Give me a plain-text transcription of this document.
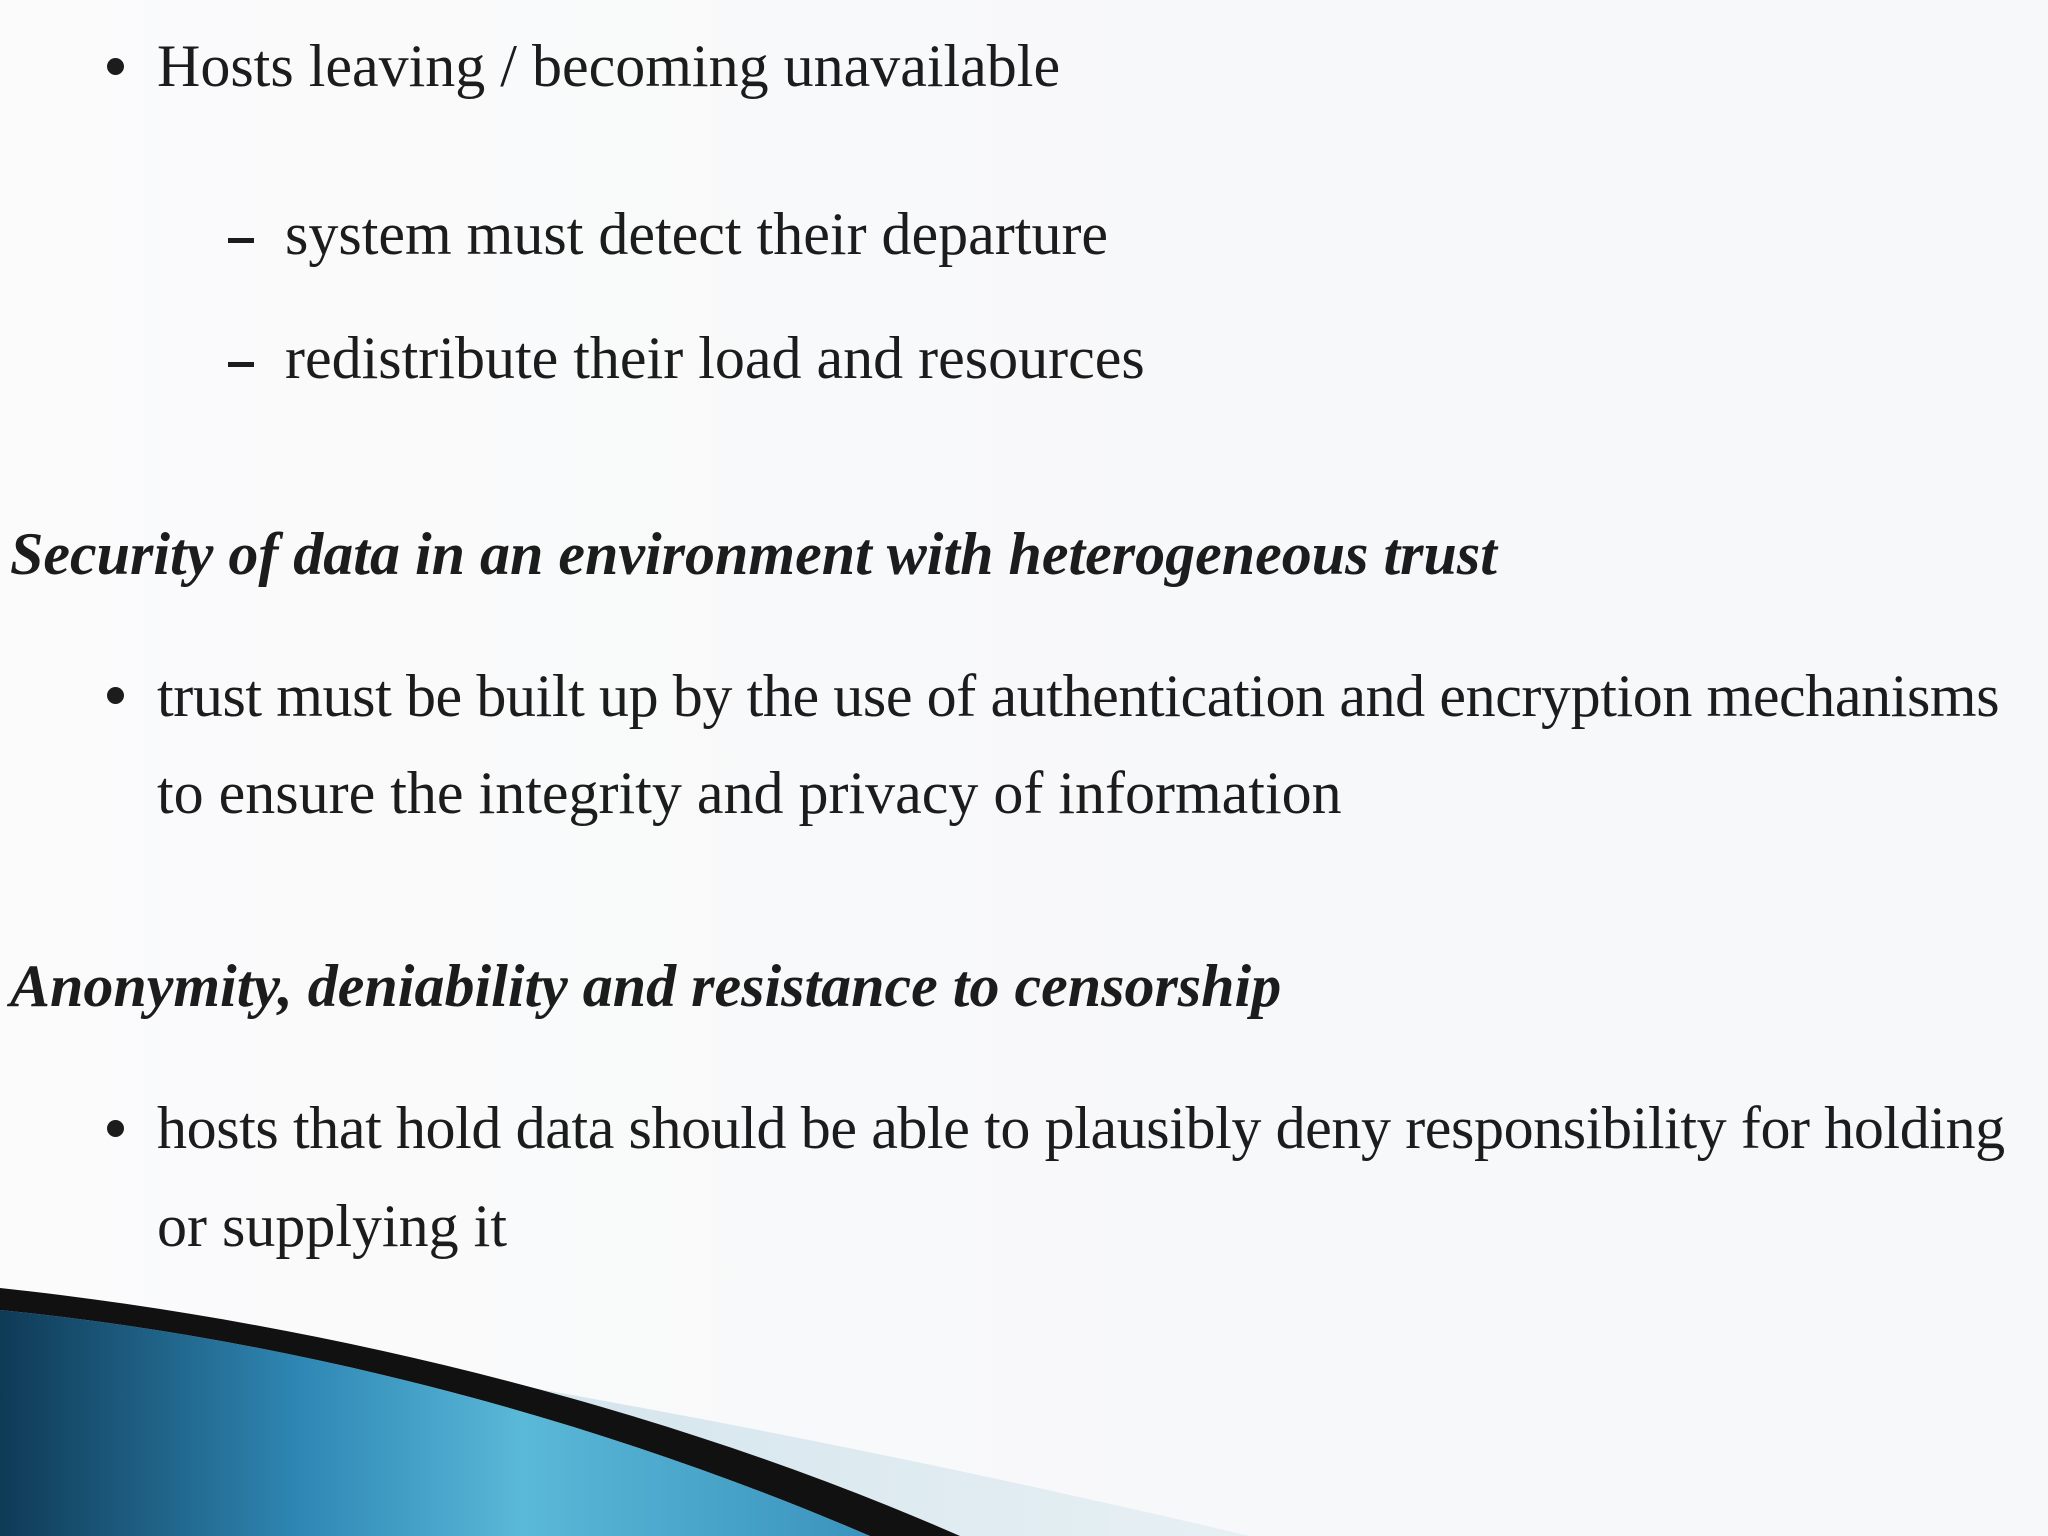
Hosts leaving / becoming unavailable
system must detect their departure
redistribute their load and resources
Security of data in an environment with heterogeneous trust
trust must be built up by the use of authentication and encryption mechanisms
to ensure the integrity and privacy of information
Anonymity, deniability and resistance to censorship
hosts that hold data should be able to plausibly deny responsibility for holding
or supplying it
